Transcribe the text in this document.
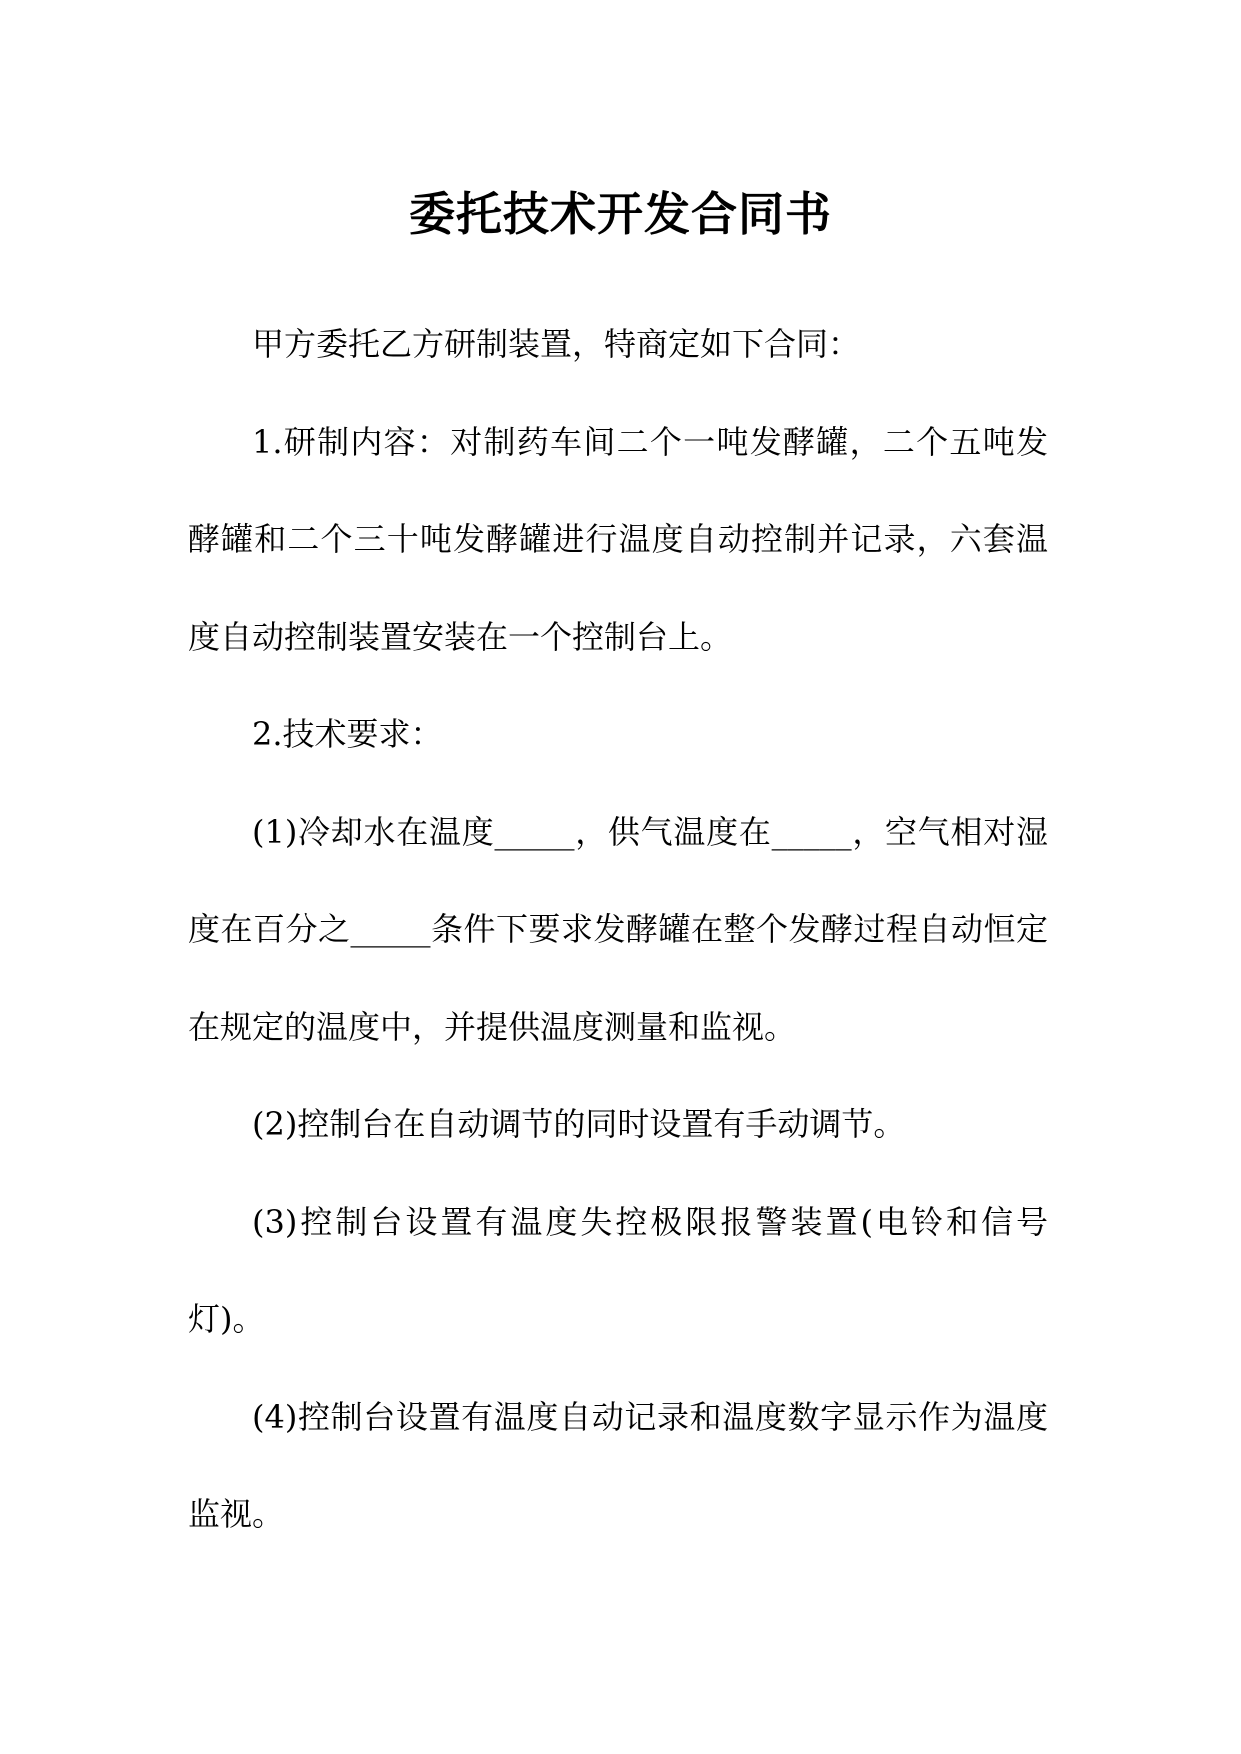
委托技术开发合同书

甲方委托乙方研制装置，特商定如下合同：

1.研制内容：对制药车间二个一吨发酵罐，二个五吨发酵罐和二个三十吨发酵罐进行温度自动控制并记录，六套温度自动控制装置安装在一个控制台上。

2.技术要求：

(1)冷却水在温度_____，供气温度在_____，空气相对湿度在百分之_____条件下要求发酵罐在整个发酵过程自动恒定在规定的温度中，并提供温度测量和监视。

(2)控制台在自动调节的同时设置有手动调节。

(3)控制台设置有温度失控极限报警装置(电铃和信号灯)。

(4)控制台设置有温度自动记录和温度数字显示作为温度监视。
